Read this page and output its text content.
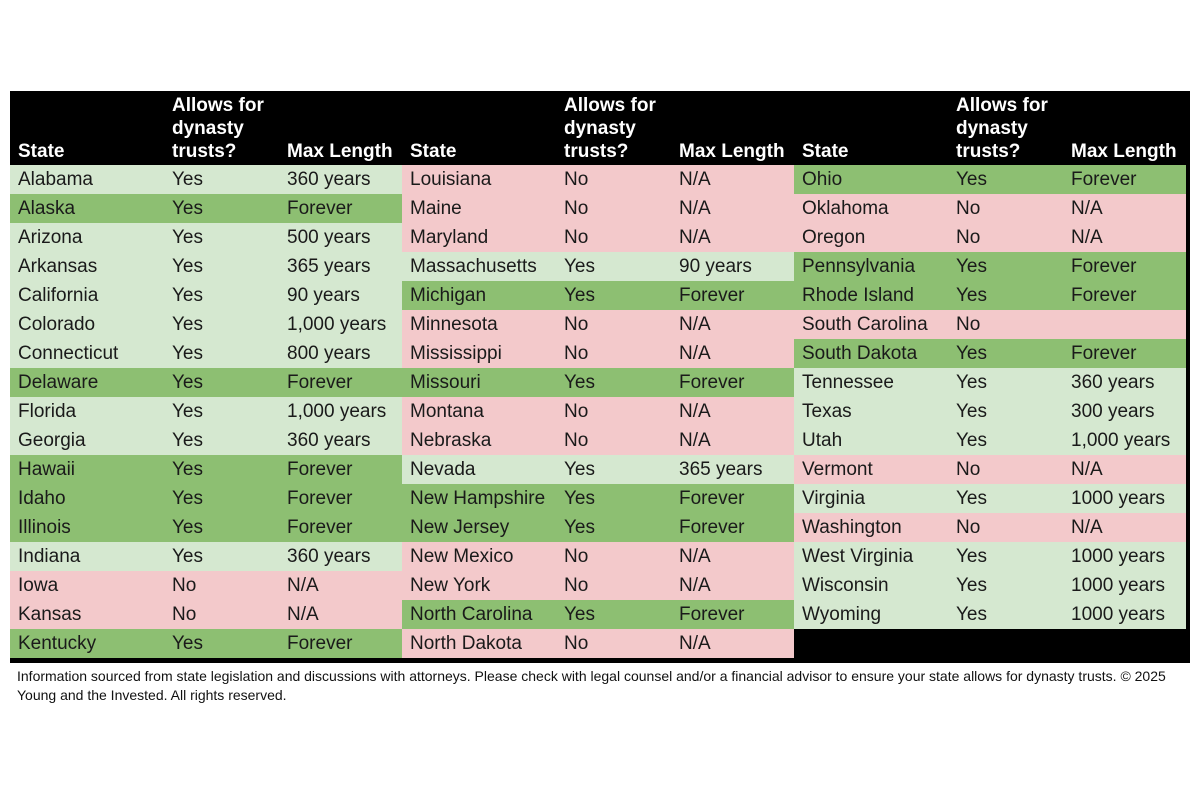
State
Allows for dynasty trusts?	Max Length
Alabama	Yes	360 years
Alaska	Yes	Forever
Arizona	Yes	500 years
Arkansas	Yes	365 years
California	Yes	90 years
Colorado	Yes	1,000 years
Connecticut	Yes	800 years
Delaware	Yes	Forever
Florida	Yes	1,000 years
Georgia	Yes	360 years
Hawaii	Yes	Forever
Idaho	Yes	Forever
Illinois	Yes	Forever
Indiana	Yes	360 years
Iowa	No	N/A
Kansas	No	N/A
Kentucky	Yes	Forever
State
Allows for dynasty trusts?	Max Length
Louisiana	No	N/A
Maine	No	N/A
Maryland	No	N/A
Massachusetts Yes	90 years
Michigan	Yes	Forever
Minnesota	No	N/A
Mississippi	No	N/A
Missouri	Yes	Forever
Montana	No	N/A
Nebraska	No	N/A
Nevada	Yes	365 years
New Hampshire Yes	Forever
New Jersey	Yes	Forever
New Mexico	No	N/A
New York	No	N/A
North Carolina Yes	Forever
North Dakota No	N/A
State
Allows for dynasty trusts?	Max Length
Ohio	Yes	Forever
Oklahoma	No	N/A
Oregon	No	N/A
Pennsylvania Yes	Forever
Rhode Island Yes	Forever
South Carolina No
South Dakota Yes	Forever
Tennessee	Yes	360 years
Texas	Yes	300 years
Utah	Yes	1,000 years
Vermont	No	N/A
Virginia	Yes	1000 years
Washington	No	N/A
West Virginia Yes	1000 years
Wisconsin	Yes	1000 years
Wyoming	Yes	1000 years
Information sourced from state legislation and discussions with attorneys. Please check with legal counsel and/or a financial advisor to ensure your state allows for dynasty trusts. © 2025 Young and the Invested. All rights reserved.
